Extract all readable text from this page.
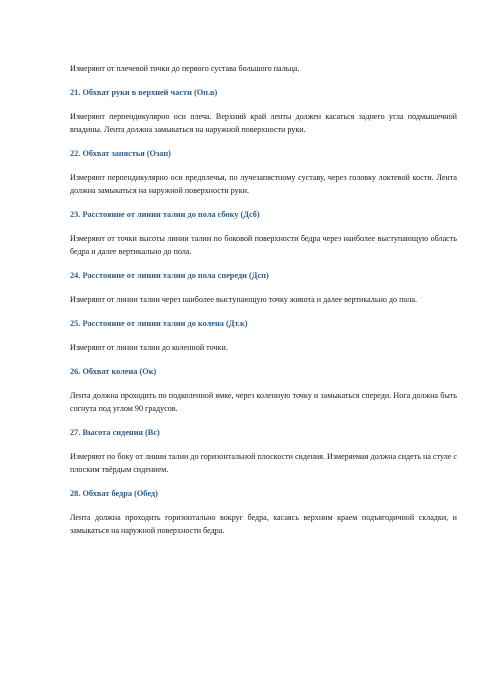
Измеряют от плечевой точки до первого сустава большого пальца.

21. Обхват руки в верхней части (Оп.в)

Измеряют перпендикулярно оси плеча. Верхний край ленты должен касаться заднего угла подмышечной впадины. Лента должна замыкаться на наружной поверхности руки.

22. Обхват запястья (Озап)

Измеряют перпендикулярно оси предплечья, по лучезапястному суставу, через головку локтевой кости. Лента должна замыкаться на наружной поверхности руки.

23. Расстояние от линии талии до пола сбоку (Дсб)

Измеряют от точки высоты линии талии по боковой поверхности бедра через наиболее выступающую область бедра и далее вертикально до пола.

24. Расстояние от линии талии до пола спереди (Дсп)

Измеряют от линии талии через наиболее выступающую точку живота и далее вертикально до пола.

25. Расстояние от линии талии до колена (Дт.к)

Измеряют от линии талии до коленной точки.

26. Обхват колена (Ок)

Лента должна проходить по подколенной ямке, через коленную точку и замыкаться спереди. Нога должна быть согнута под углом 90 градусов.

27. Высота сидения (Вс)

Измеряют по боку от линии талии до горизонтальной плоскости сидения. Измеряемая должна сидеть на стуле с плоским твёрдым сидением.

28. Обхват бедра (Обед)

Лента должна проходить горизонтально вокруг бедра, касаясь верхним краем подъягодичной складки, и замыкаться на наружной поверхности бедра.
